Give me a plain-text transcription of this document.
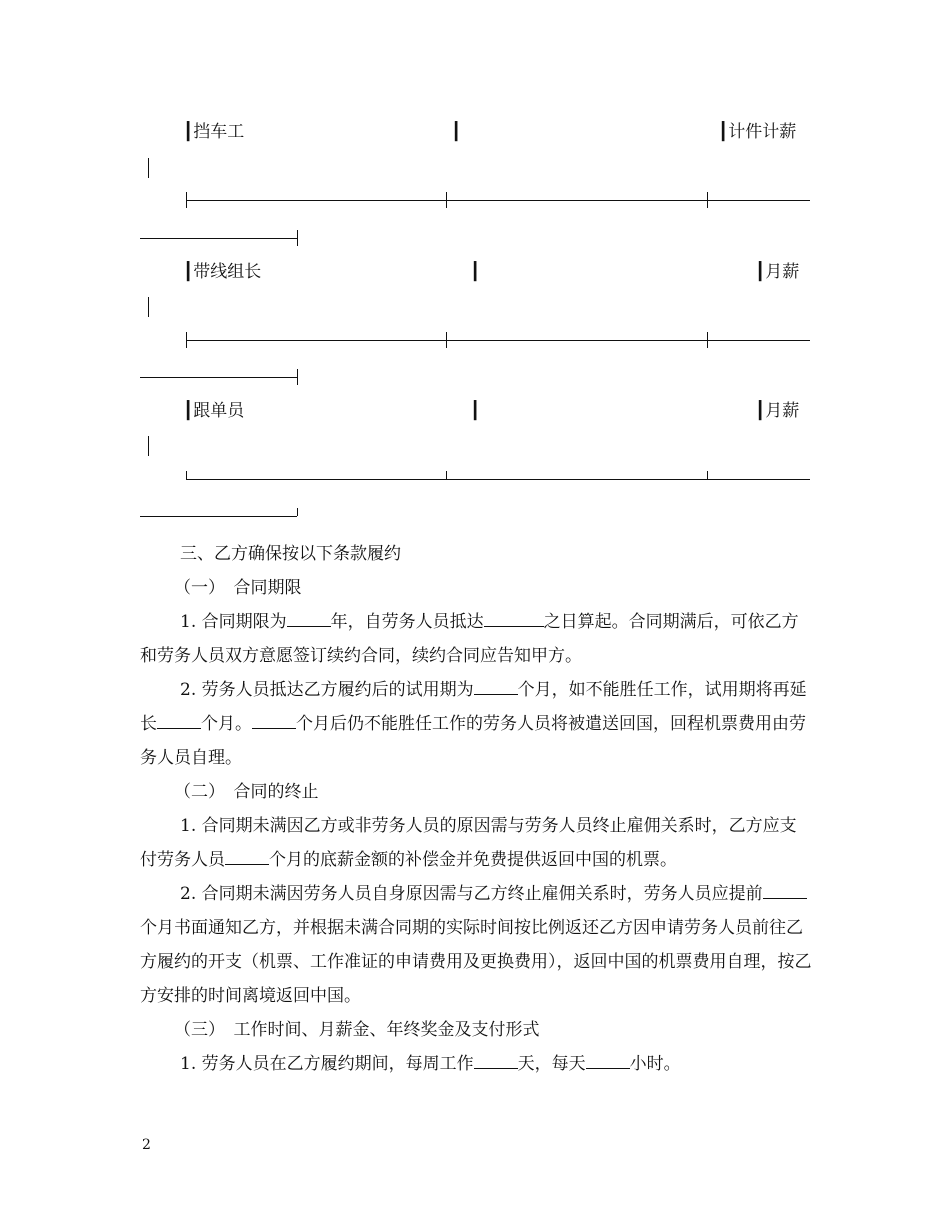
┃挡车工	┃	┃计件计薪
┃带线组长	┃	┃月薪
┃跟单员	┃	┃月薪

三、乙方确保按以下条款履约

（一）　合同期限

1. 合同期限为	年，自劳务人员抵达	之日算起。合同期满后，可依乙方和劳务人员双方意愿签订续约合同，续约合同应告知甲方。

2. 劳务人员抵达乙方履约后的试用期为	个月，如不能胜任工作，试用期将再延长	个月。	个月后仍不能胜任工作的劳务人员将被遣送回国，回程机票费用由劳务人员自理。

（二）　合同的终止

1. 合同期未满因乙方或非劳务人员的原因需与劳务人员终止雇佣关系时，乙方应支付劳务人员	个月的底薪金额的补偿金并免费提供返回中国的机票。

2. 合同期未满因劳务人员自身原因需与乙方终止雇佣关系时，劳务人员应提前个月书面通知乙方，并根据未满合同期的实际时间按比例返还乙方因申请劳务人员前往乙方履约的开支（机票、工作准证的申请费用及更换费用），返回中国的机票费用自理，按乙方安排的时间离境返回中国。

（三）　工作时间、月薪金、年终奖金及支付形式

1. 劳务人员在乙方履约期间，每周工作	天，每天	小时。

2
